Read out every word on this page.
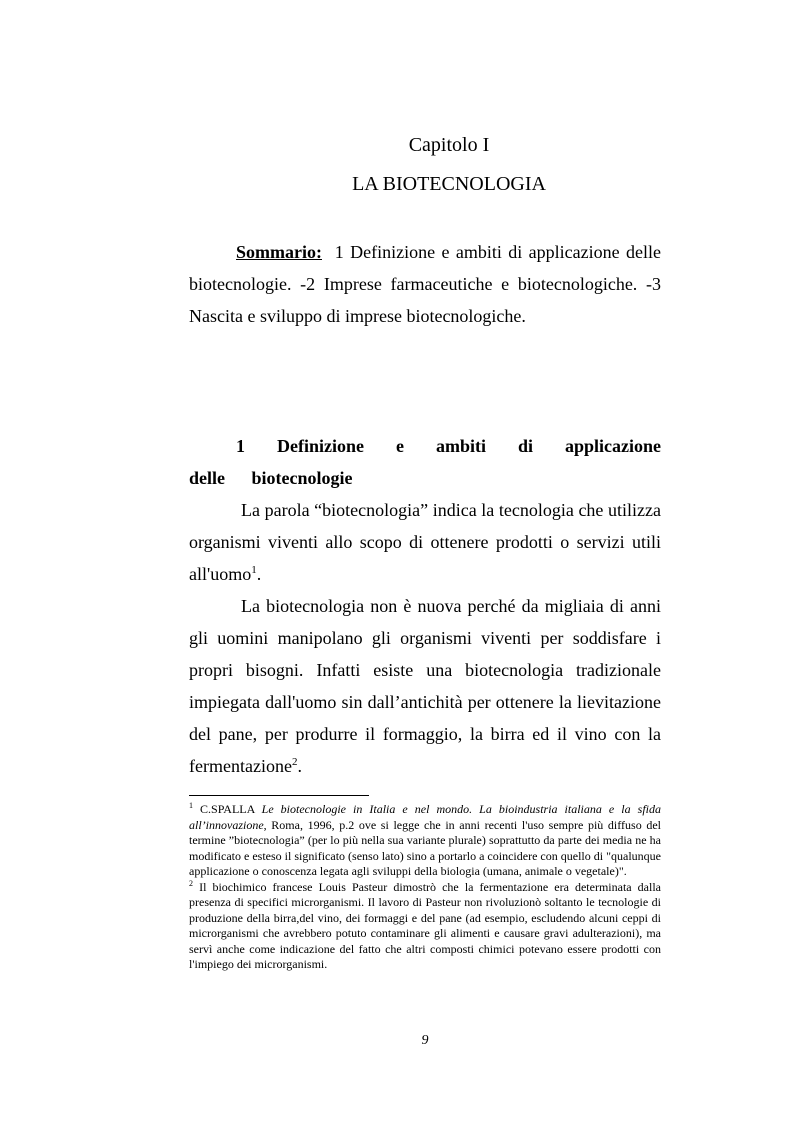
Capitolo I
LA BIOTECNOLOGIA

Sommario: 1 Definizione e ambiti di applicazione delle biotecnologie. -2 Imprese farmaceutiche e biotecnologiche. -3 Nascita e sviluppo di imprese biotecnologiche.

1 Definizione e ambiti di applicazione delle biotecnologie

La parola “biotecnologia” indica la tecnologia che utilizza organismi viventi allo scopo di ottenere prodotti o servizi utili all'uomo$^1$.

La biotecnologia non è nuova perché da migliaia di anni gli uomini manipolano gli organismi viventi per soddisfare i propri bisogni. Infatti esiste una biotecnologia tradizionale impiegata dall'uomo sin dall’antichità per ottenere la lievitazione del pane, per produrre il formaggio, la birra ed il vino con la fermentazione$^2$.

$^1$ C.SPALLA Le biotecnologie in Italia e nel mondo. La bioindustria italiana e la sfida all’innovazione, Roma, 1996, p.2 ove si legge che in anni recenti l'uso sempre più diffuso del termine ”biotecnologia” (per lo più nella sua variante plurale) soprattutto da parte dei media ne ha modificato e esteso il significato (senso lato) sino a portarlo a coincidere con quello di "qualunque applicazione o conoscenza legata agli sviluppi della biologia (umana, animale o vegetale)".

$^2$ Il biochimico francese Louis Pasteur dimostrò che la fermentazione era determinata dalla presenza di specifici microrganismi. Il lavoro di Pasteur non rivoluzionò soltanto le tecnologie di produzione della birra,del vino, dei formaggi e del pane (ad esempio, escludendo alcuni ceppi di microrganismi che avrebbero potuto contaminare gli alimenti e causare gravi adulterazioni), ma servì anche come indicazione del fatto che altri composti chimici potevano essere prodotti con l'impiego dei microrganismi.

9
